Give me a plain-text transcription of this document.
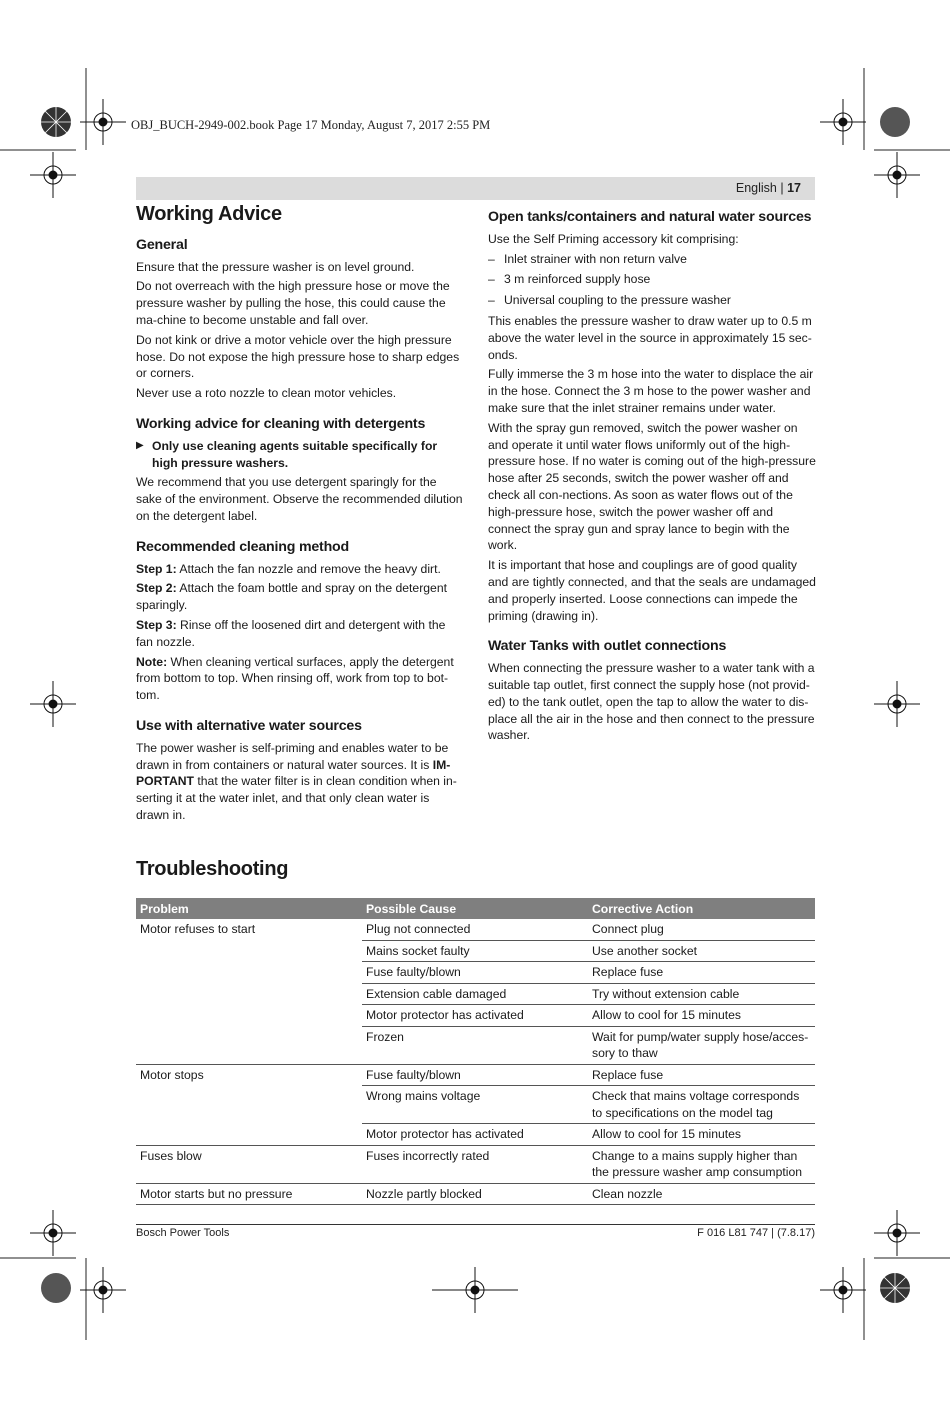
OBJ_BUCH-2949-002.book Page 17 Monday, August 7, 2017 2:55 PM
English | 17
Working Advice
General

Ensure that the pressure washer is on level ground.

Do not overreach with the high pressure hose or move the pressure washer by pulling the hose, this could cause the ma-chine to become unstable and fall over.

Do not kink or drive a motor vehicle over the high pressure hose. Do not expose the high pressure hose to sharp edges or corners.

Never use a roto nozzle to clean motor vehicles.

Working advice for cleaning with detergents
▶ Only use cleaning agents suitable specifically for high pressure washers.

We recommend that you use detergent sparingly for the sake of the environment. Observe the recommended dilution on the detergent label.

Recommended cleaning method

Step 1: Attach the fan nozzle and remove the heavy dirt.

Step 2: Attach the foam bottle and spray on the detergent sparingly.

Step 3: Rinse off the loosened dirt and detergent with the fan nozzle.

Note: When cleaning vertical surfaces, apply the detergent from bottom to top. When rinsing off, work from top to bot-tom.

Use with alternative water sources

The power washer is self-priming and enables water to be drawn in from containers or natural water sources. It is IM-PORTANT that the water filter is in clean condition when in-serting it at the water inlet, and that only clean water is drawn in.

Open tanks/containers and natural water sources

Use the Self Priming accessory kit comprising:

– Inlet strainer with non return valve
– 3 m reinforced supply hose
– Universal coupling to the pressure washer

This enables the pressure washer to draw water up to 0.5 m above the water level in the source in approximately 15 sec-onds.

Fully immerse the 3 m hose into the water to displace the air in the hose. Connect the 3 m hose to the power washer and make sure that the inlet strainer remains under water.

With the spray gun removed, switch the power washer on and operate it until water flows uniformly out of the high-pressure hose. If no water is coming out of the high-pressure hose after 25 seconds, switch the power washer off and check all con-nections. As soon as water flows out of the high-pressure hose, switch the power washer off and connect the spray gun and spray lance to begin with the work.

It is important that hose and couplings are of good quality and are tightly connected, and that the seals are undamaged and properly inserted. Loose connections can impede the priming (drawing in).

Water Tanks with outlet connections

When connecting the pressure washer to a water tank with a suitable tap outlet, first connect the supply hose (not provid-ed) to the tank outlet, open the tap to allow the water to dis-place all the air in the hose and then connect to the pressure washer.

Troubleshooting
Problem	Possible Cause	Corrective Action
Motor refuses to start	Plug not connected	Connect plug
	Mains socket faulty	Use another socket
	Fuse faulty/blown	Replace fuse
	Extension cable damaged	Try without extension cable
	Motor protector has activated	Allow to cool for 15 minutes
	Frozen	Wait for pump/water supply hose/acces-sory to thaw
Motor stops	Fuse faulty/blown	Replace fuse
	Wrong mains voltage	Check that mains voltage corresponds to specifications on the model tag
	Motor protector has activated	Allow to cool for 15 minutes
Fuses blow	Fuses incorrectly rated	Change to a mains supply higher than the pressure washer amp consumption
Motor starts but no pressure	Nozzle partly blocked	Clean nozzle
Bosch Power Tools	F 016 L81 747 | (7.8.17)
